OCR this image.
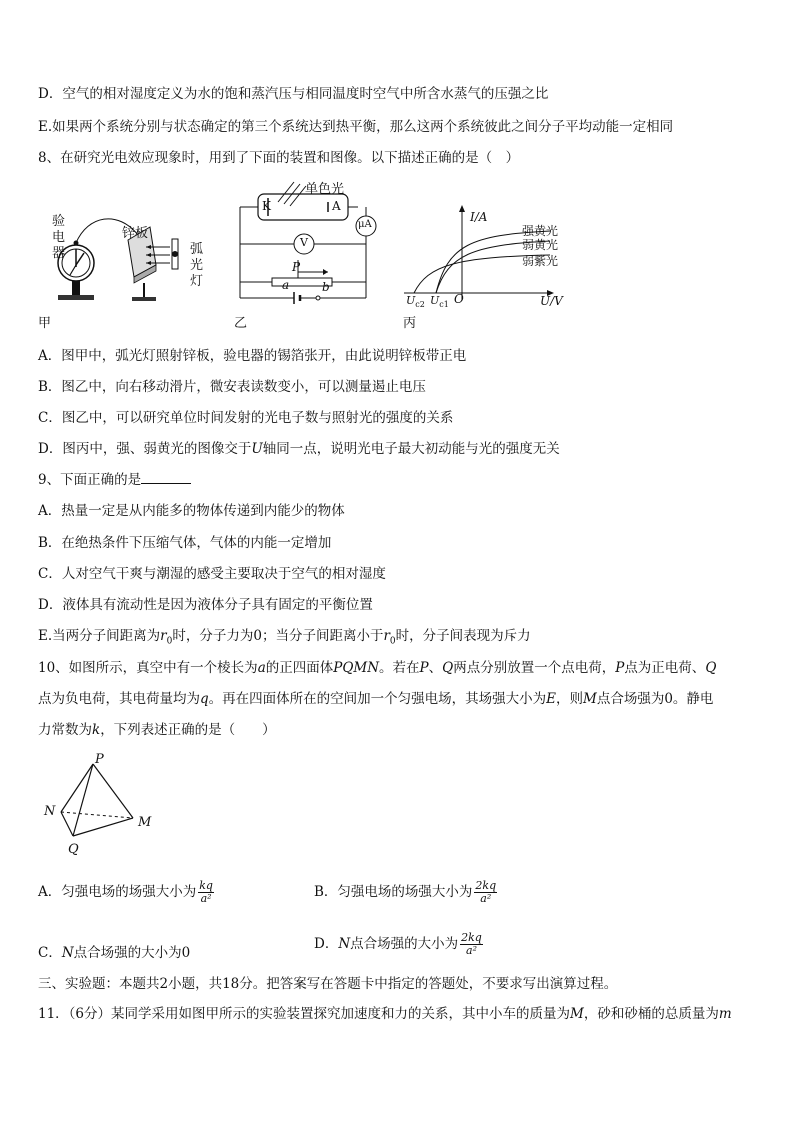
D．空气的相对湿度定义为水的饱和蒸汽压与相同温度时空气中所含水蒸气的压强之比
E.如果两个系统分别与状态确定的第三个系统达到热平衡，那么这两个系统彼此之间分子平均动能一定相同
8、在研究光电效应现象时，用到了下面的装置和图像。以下描述正确的是（　）
验
电
器
锌板
弧
光
灯
甲
单色光
K	A
μA
V
P
a	b
乙
I/A
U/V
O
$U_{c2}$ $U_{c1}$
强黄光
弱黄光
弱紫光
丙
A．图甲中，弧光灯照射锌板，验电器的锡箔张开，由此说明锌板带正电
B．图乙中，向右移动滑片，微安表读数变小，可以测量遏止电压
C．图乙中，可以研究单位时间发射的光电子数与照射光的强度的关系
D．图丙中，强、弱黄光的图像交于U轴同一点，说明光电子最大初动能与光的强度无关
9、下面正确的是
A．热量一定是从内能多的物体传递到内能少的物体
B．在绝热条件下压缩气体，气体的内能一定增加
C．人对空气干爽与潮湿的感受主要取决于空气的相对湿度
D．液体具有流动性是因为液体分子具有固定的平衡位置
E.当两分子间距离为$r_0$时，分子力为0；当分子间距离小于$r_0$时，分子间表现为斥力
10、如图所示，真空中有一个棱长为a的正四面体PQMN。若在P、Q两点分别放置一个点电荷，P点为正电荷、Q
点为负电荷，其电荷量均为q。再在四面体所在的空间加一个匀强电场，其场强大小为E，则M点合场强为0。静电
力常数为k，下列表述正确的是（　　）
P
N
M
Q
A．匀强电场的场强大小为 $\frac{kq}{\text{a²}}$	B．匀强电场的场强大小为 $\frac{2kq}{\text{a²}}$
C．N点合场强的大小为0
D．N点合场强的大小为 $\frac{2kq}{\text{a²}}$
三、实验题：本题共2小题，共18分。把答案写在答题卡中指定的答题处，不要求写出演算过程。
11．（6分）某同学采用如图甲所示的实验装置探究加速度和力的关系，其中小车的质量为M，砂和砂桶的总质量为m
